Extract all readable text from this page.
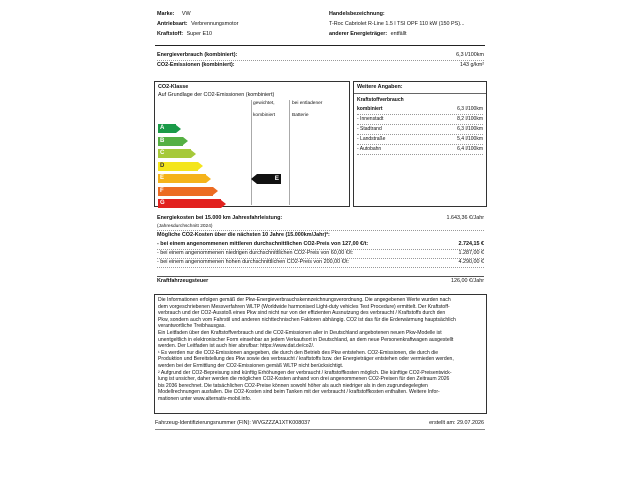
Marke: VW
Antriebsart: Verbrennungsmotor
Kraftstoff: Super E10
Handelsbezeichnung:
T-Roc Cabriolet R-Line 1.5 l TSI OPF 110 kW (150 PS)...
anderer Energieträger: entfällt
Energieverbrauch (kombiniert):	6,3 l/100km
CO2-Emissionen (kombiniert):	143 g/km²
CO2-Klasse
Auf Grundlage der CO2-Emissionen (kombiniert)
gewichtet,
kombiniert
bei entladener
Batterie
A
B
C
D
E
F
G
E
Weitere Angaben:
Kraftstoffverbrauch
kombiniert	6,3 l/100km
- Innenstadt	8,2 l/100km
- Stadtrand	6,3 l/100km
- Landstraße	5,4 l/100km
- Autobahn	6,4 l/100km
Energiekosten bei 15.000 km Jahresfahrleistung:	1.643,36 €/Jahr
(Jahresdurchschnitt 2024)
Mögliche CO2-Kosten über die nächsten 10 Jahre (15.000km/Jahr)²:
- bei einem angenommenen mittleren durchschnittlichen CO2-Preis von 127,00 €/t:	2.724,15 €
- bei einem angenommenen niedrigen durchschnittlichen CO2-Preis von 60,00 €/t:	1.287,00 €
- bei einem angenommenen hohen durchschnittlichen CO2-Preis von 200,00 €/t:	4.290,00 €
Kraftfahrzeugsteuer	126,00 €/Jahr

Die Informationen erfolgen gemäß der Pkw-Energieverbrauchskennzeichnungsverordnung. Die angegebenen Werte wurden nach

dem vorgeschriebenen Messverfahren WLTP (Worldwide harmonised Light-duty vehicles Test Procedure) ermittelt. Der Kraftstoff-

verbrauch und der CO2-Ausstoß eines Pkw sind nicht nur von der effizienten Ausnutzung des verbraucht / Kraftstoffs durch den

Pkw, sondern auch vom Fahrstil und anderen nichttechnischen Faktoren abhängig. CO2 ist das für die Erderwärmung hauptsächlich

verantwortliche Treibhausgas.

Ein Leitfaden über den Kraftstoffverbrauch und die CO2-Emissionen aller in Deutschland angebotenen neuen Pkw-Modelle ist

unentgeltlich in elektronischer Form einsehbar an jedem Verkaufsort in Deutschland, an dem neue Personenkraftwagen ausgestellt

werden. Der Leitfaden ist auch hier abrufbar: https://www.dat.de/co2/.

¹ Es werden nur die CO2-Emissionen angegeben, die durch den Betrieb des Pkw entstehen. CO2-Emissionen, die durch die

Produktion und Bereitstellung des Pkw sowie des verbraucht / kraftstoffs bzw. der Energieträger entstehen oder vermieden werden,

werden bei der Ermittlung der CO2-Emissionen gemäß WLTP nicht berücksichtigt.

² Aufgrund der CO2-Bepreisung sind künftig Erhöhungen der verbraucht / kraftstoffkosten möglich. Die künftige CO2-Preisentwick-

lung ist unsicher, daher werden die möglichen CO2-Kosten anhand von drei angenommenen CO2-Preisen für den Zeitraum 2026

bis 2036 berechnet. Die tatsächlichen CO2-Preise können sowohl höher als auch niedriger als in den zugrundegelegten

Modellrechnungen ausfallen. Die CO2-Kosten sind beim Tanken mit der verbraucht / kraftstoffkosten enthalten. Weitere Infor-

mationen unter www.alternativ-mobil.info.

Fahrzeug-Identifizierungsnummer (FIN): WVGZZZA1XTK008037	erstellt am: 29.07.2026
